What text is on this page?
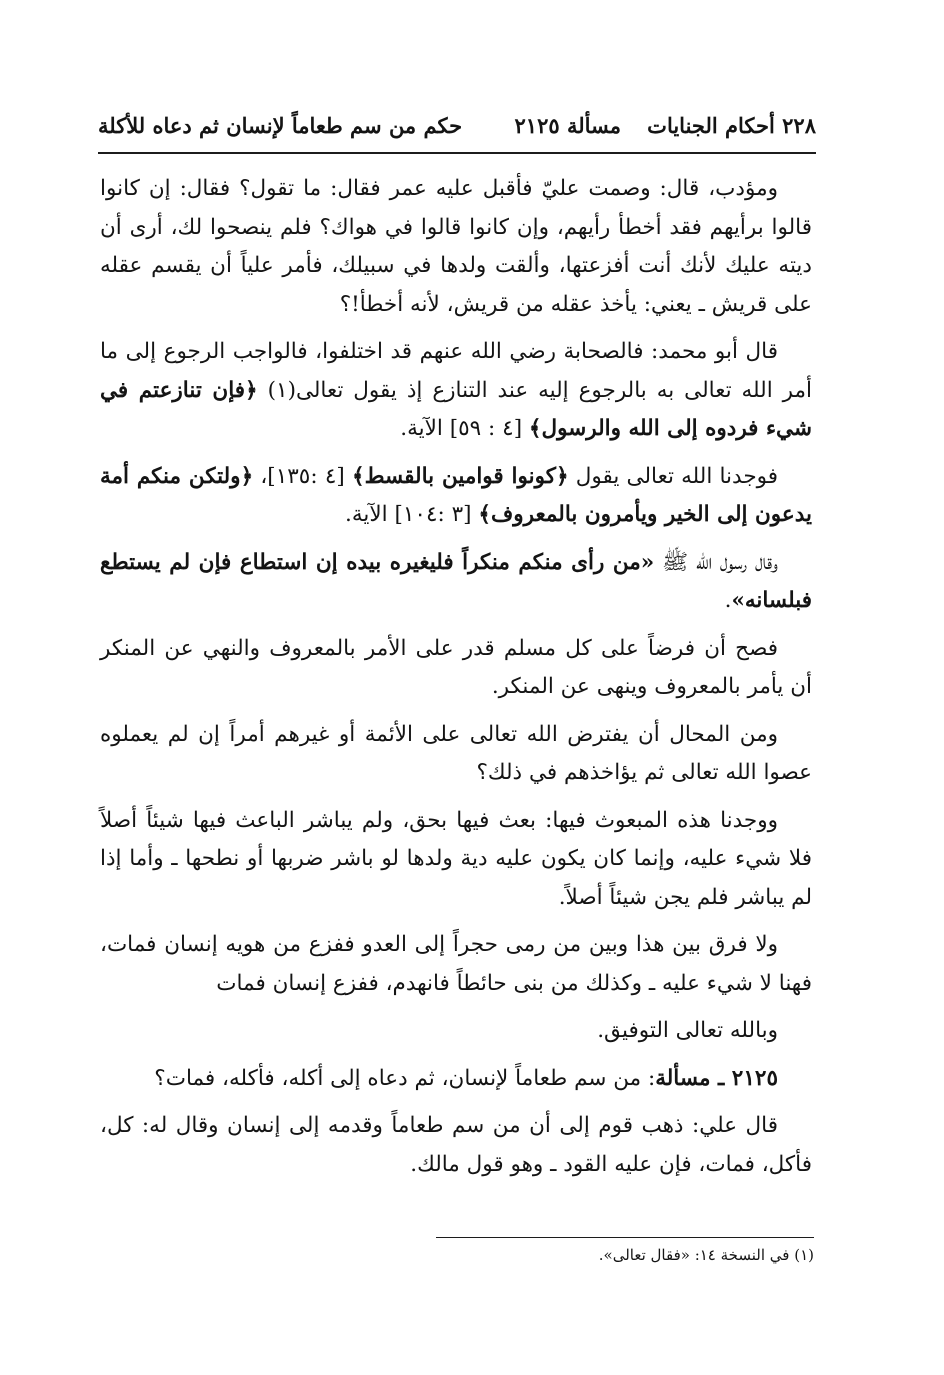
٢٢٨ أحكام الجنايات
مسألة ٢١٢٥
حكم من سم طعاماً لإنسان ثم دعاه للأكلة

ومؤدب، قال: وصمت عليّ فأقبل عليه عمر فقال: ما تقول؟ فقال: إن كانوا قالوا برأيهم فقد أخطأ رأيهم، وإن كانوا قالوا في هواك؟ فلم ينصحوا لك، أرى أن ديته عليك لأنك أنت أفزعتها، وألقت ولدها في سبيلك، فأمر علياً أن يقسم عقله على قريش ـ يعني: يأخذ عقله من قريش، لأنه أخطأ!؟

قال أبو محمد: فالصحابة رضي الله عنهم قد اختلفوا، فالواجب الرجوع إلى ما أمر الله تعالى به بالرجوع إليه عند التنازع إذ يقول تعالى(١) ﴿فإن تنازعتم في شيء فردوه إلى الله والرسول﴾ [٤ : ٥٩] الآية.

فوجدنا الله تعالى يقول ﴿كونوا قوامين بالقسط﴾ [٤ :١٣٥]، ﴿ولتكن منكم أمة يدعون إلى الخير ويأمرون بالمعروف﴾ [٣ :١٠٤] الآية.

وقال رسول الله ﷺ «من رأى منكم منكراً فليغيره بيده إن استطاع فإن لم يستطع فبلسانه».

فصح أن فرضاً على كل مسلم قدر على الأمر بالمعروف والنهي عن المنكر أن يأمر بالمعروف وينهى عن المنكر.

ومن المحال أن يفترض الله تعالى على الأئمة أو غيرهم أمراً إن لم يعملوه عصوا الله تعالى ثم يؤاخذهم في ذلك؟

ووجدنا هذه المبعوث فيها: بعث فيها بحق، ولم يباشر الباعث فيها شيئاً أصلاً فلا شيء عليه، وإنما كان يكون عليه دية ولدها لو باشر ضربها أو نطحها ـ وأما إذا لم يباشر فلم يجن شيئاً أصلاً.

ولا فرق بين هذا وبين من رمى حجراً إلى العدو ففزع من هويه إنسان فمات، فهنا لا شيء عليه ـ وكذلك من بنى حائطاً فانهدم، ففزع إنسان فمات

وبالله تعالى التوفيق.

٢١٢٥ ـ مسألة: من سم طعاماً لإنسان، ثم دعاه إلى أكله، فأكله، فمات؟

قال علي: ذهب قوم إلى أن من سم طعاماً وقدمه إلى إنسان وقال له: كل، فأكل، فمات، فإن عليه القود ـ وهو قول مالك.

(١) في النسخة ١٤: «فقال تعالى».
